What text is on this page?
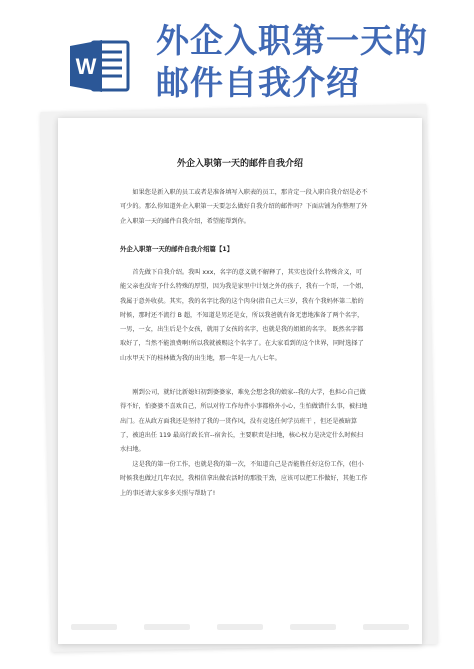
W
外企入职第一天的
邮件自我介绍
外企入职第一天的邮件自我介绍

如果您是新入职的员工或者是准备填写入职表的员工，那肯定一段入职自我介绍是必不可少的。那么你知道外企入职第一天要怎么做好自我介绍的邮件吗？下面店铺为你整理了外企入职第一天的邮件自我介绍，希望能帮到你。

外企入职第一天的邮件自我介绍篇【1】

首先做下自我介绍。我叫 xxx，名字的意义就不解释了，其实也没什么特殊含义，可能父亲也没寄予什么特殊的厚望，因为我是家里中计划之外的孩子，我有一个哥，一个姐，我属于意外收获。其实，我的名字比我的这个肉身(指自己大三岁，我有个我妈怀第二胎的时候，那时还不流行 B 超，不知道是男还是女，所以我爸就有备无患地准备了两个名字，一男，一女，出生后是个女孩，就用了女孩的名字，也就是我的姐姐的名字。 既然名字都取好了，当然不能浪费啊!所以我就被赐这个名字了。在大家看到的这个世界，同时选择了山水甲天下的桂林做为我的出生地，那一年是一九八七年。

刚到公司，就好比新媳妇初到婆婆家，难免会想念我的娘家--我的大学，也担心自己做得不好，怕婆婆不喜欢自己，所以对待工作每件小事都格外小心，生怕做错什么事，被扫地出门。在从政方面我还是坚持了我的一贯作风，没有竞选任何学员班干 ，但还是被暗算了，被迫出任 119 最高行政长官--宿舍长，主要职责是扫地，核心权力是决定什么时候扫水扫地。

这是我的第一份工作，也就是我的第一次，不知道自己是否能胜任好这份工作，(但小时候我也做过几年农民，我相信拿出做农活时的那股干劲，应该可以把工作做好，其他工作上的事还请大家多多关照与帮助了!
